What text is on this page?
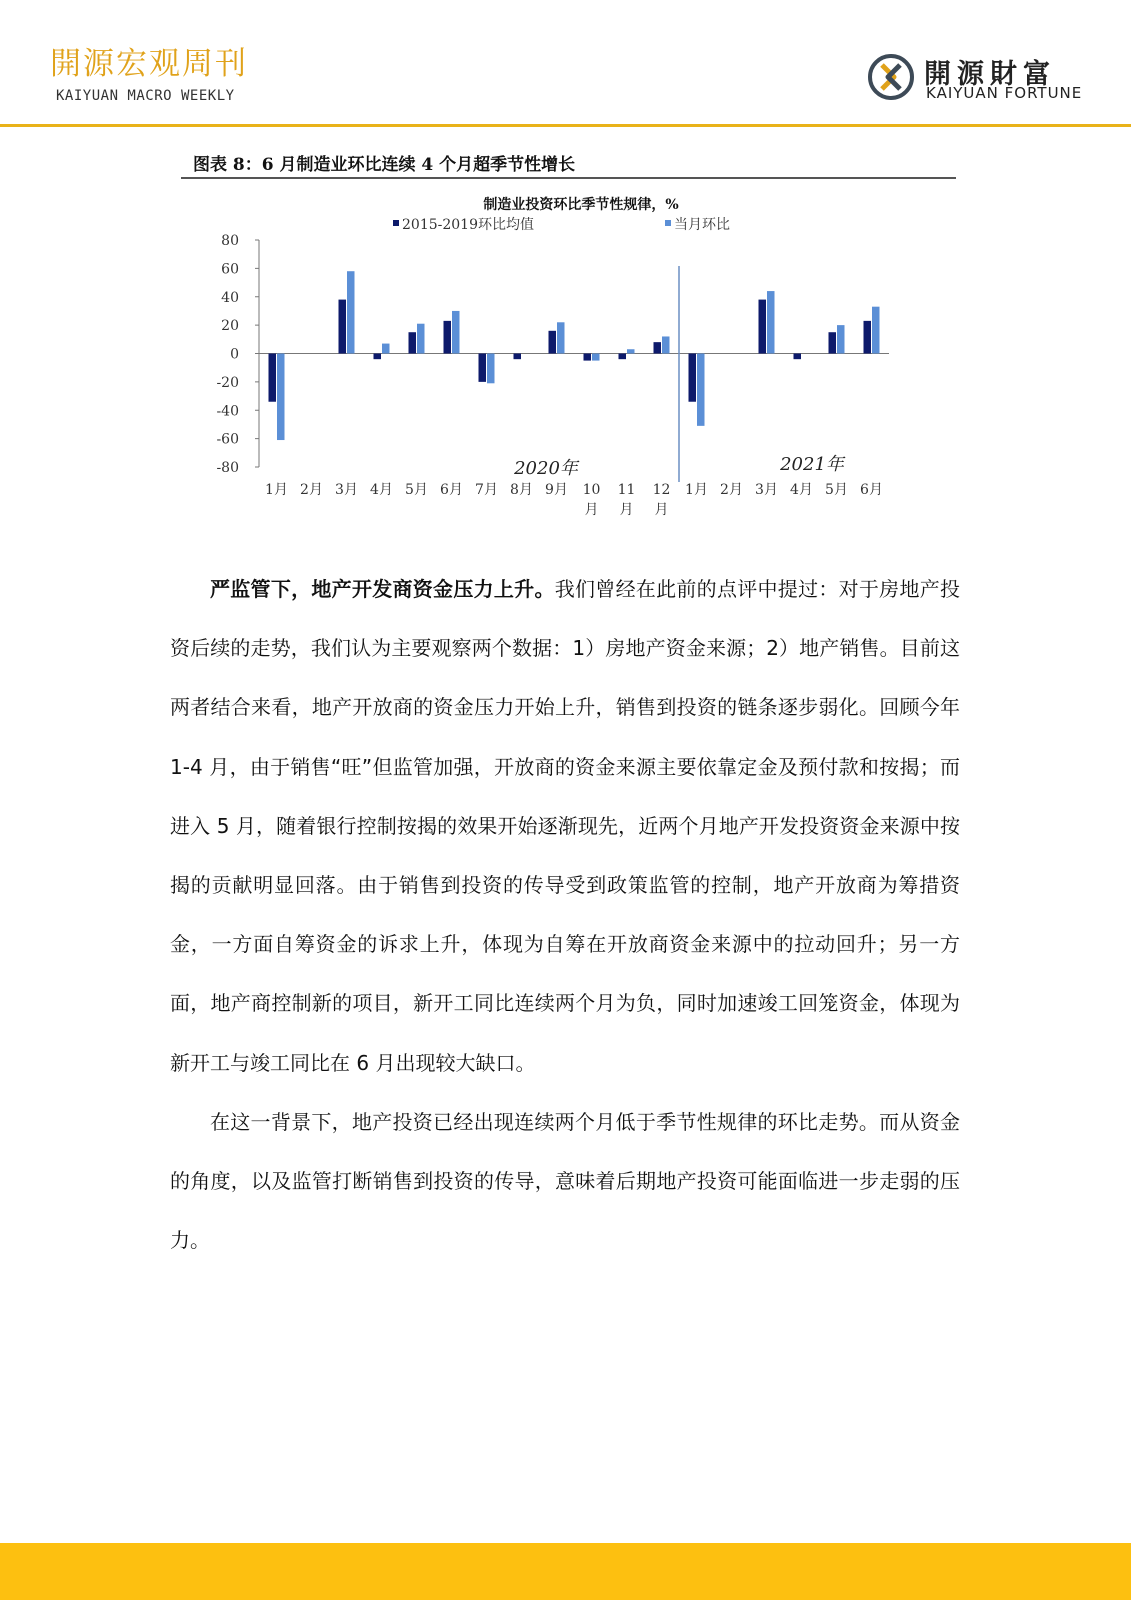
開源宏观周刊
KAIYUAN MACRO WEEKLY
開源財富
KAIYUAN FORTUNE
图表 8：6 月制造业环比连续 4 个月超季节性增长
制造业投资环比季节性规律，%
2015-2019环比均值	当月环比
80
60
40
20
0
-20
-40
-60
-80	2020年	2021年
1月 2月 3月 4月 5月 6月 7月 8月 9月 10
月
11
月
12
月
1月 2月 3月 4月 5月 6月

严监管下，地产开发商资金压力上升。我们曾经在此前的点评中提过：对于房地产投资后续的走势，我们认为主要观察两个数据：1）房地产资金来源；2）地产销售。目前这两者结合来看，地产开放商的资金压力开始上升，销售到投资的链条逐步弱化。回顾今年 1-4 月，由于销售“旺”但监管加强，开放商的资金来源主要依靠定金及预付款和按揭；而进入 5 月，随着银行控制按揭的效果开始逐渐现先，近两个月地产开发投资资金来源中按揭的贡献明显回落。由于销售到投资的传导受到政策监管的控制，地产开放商为筹措资金，一方面自筹资金的诉求上升，体现为自筹在开放商资金来源中的拉动回升；另一方面，地产商控制新的项目，新开工同比连续两个月为负，同时加速竣工回笼资金，体现为新开工与竣工同比在 6 月出现较大缺口。

在这一背景下，地产投资已经出现连续两个月低于季节性规律的环比走势。而从资金的角度，以及监管打断销售到投资的传导，意味着后期地产投资可能面临进一步走弱的压力。
